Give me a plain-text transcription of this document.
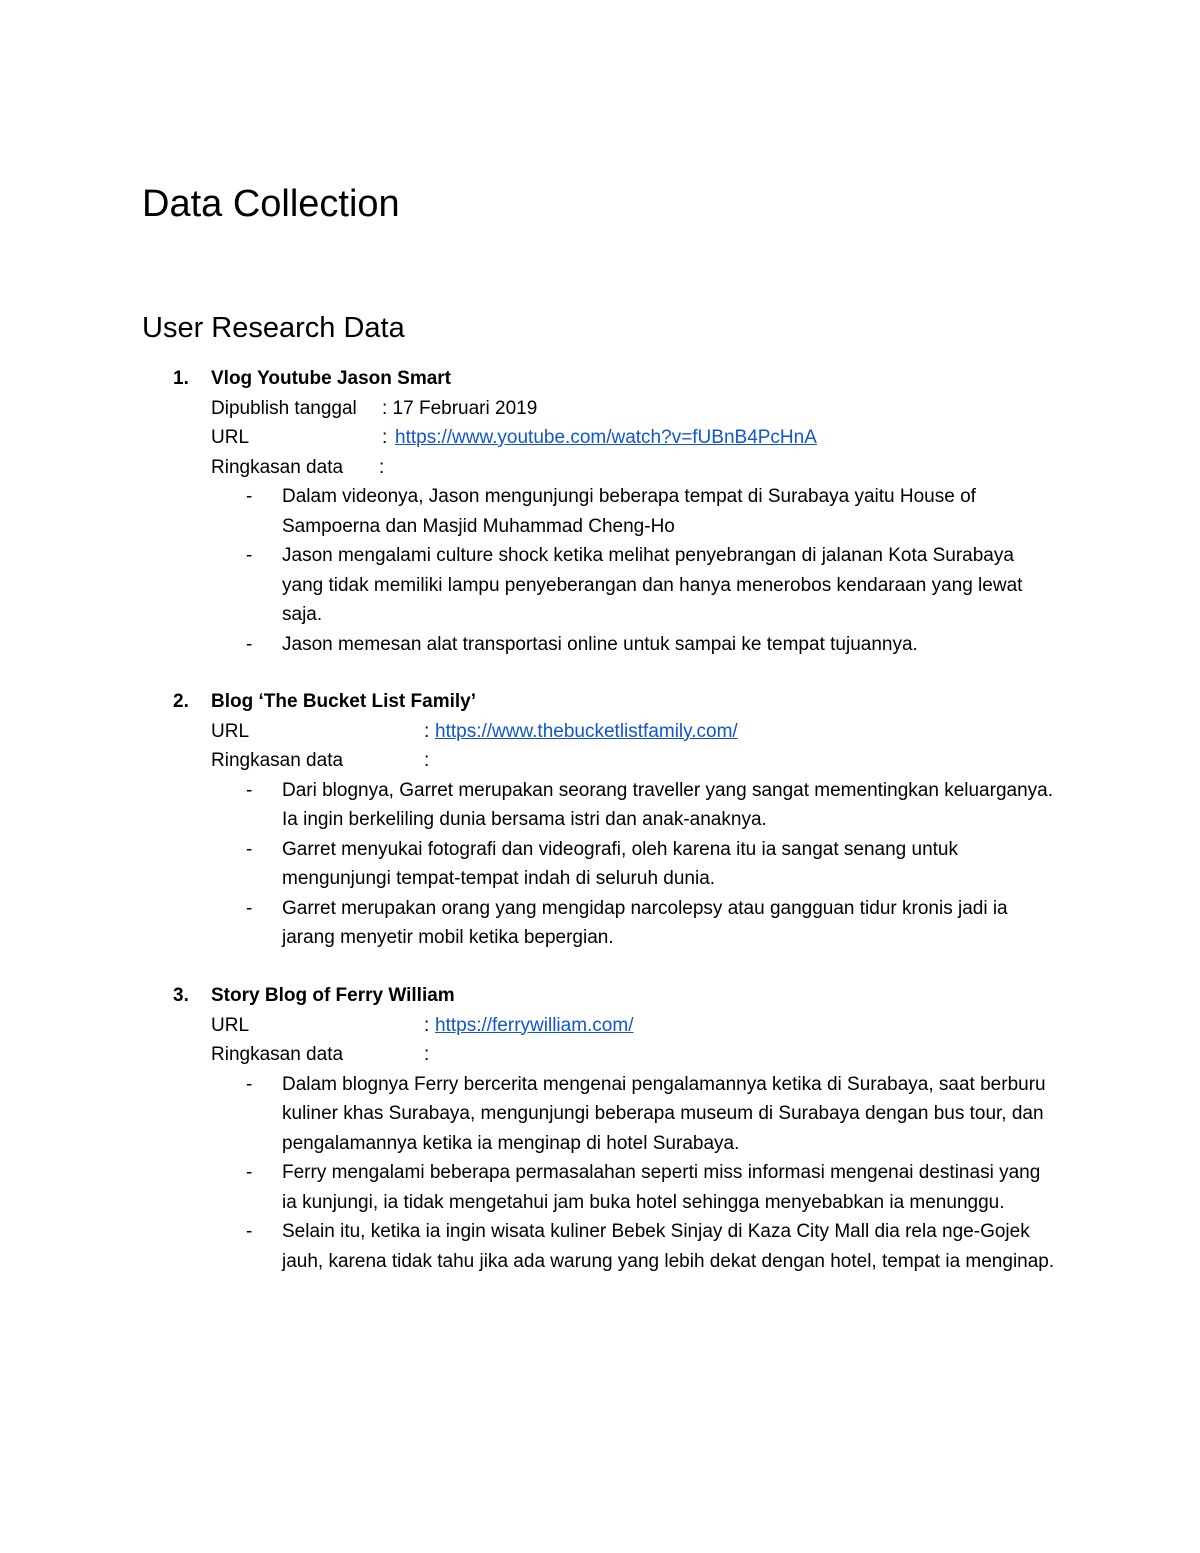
Data Collection
User Research Data
1. Vlog Youtube Jason Smart
Dipublish tanggal : 17 Februari 2019
URL	: https://www.youtube.com/watch?v=fUBnB4PcHnA
Ringkasan data :
- Dalam videonya, Jason mengunjungi beberapa tempat di Surabaya yaitu House of Sampoerna dan Masjid Muhammad Cheng-Ho
- Jason mengalami culture shock ketika melihat penyebrangan di jalanan Kota Surabaya yang tidak memiliki lampu penyeberangan dan hanya menerobos kendaraan yang lewat saja.
- Jason memesan alat transportasi online untuk sampai ke tempat tujuannya.
2. Blog ‘The Bucket List Family’
URL	: https://www.thebucketlistfamily.com/
Ringkasan data	:
- Dari blognya, Garret merupakan seorang traveller yang sangat mementingkan keluarganya. Ia ingin berkeliling dunia bersama istri dan anak-anaknya.
- Garret menyukai fotografi dan videografi, oleh karena itu ia sangat senang untuk mengunjungi tempat-tempat indah di seluruh dunia.
- Garret merupakan orang yang mengidap narcolepsy atau gangguan tidur kronis jadi ia jarang menyetir mobil ketika bepergian.
3. Story Blog of Ferry William
URL	: https://ferrywilliam.com/
Ringkasan data	:
- Dalam blognya Ferry bercerita mengenai pengalamannya ketika di Surabaya, saat berburu kuliner khas Surabaya, mengunjungi beberapa museum di Surabaya dengan bus tour, dan pengalamannya ketika ia menginap di hotel Surabaya.
- Ferry mengalami beberapa permasalahan seperti miss informasi mengenai destinasi yang ia kunjungi, ia tidak mengetahui jam buka hotel sehingga menyebabkan ia menunggu.
- Selain itu, ketika ia ingin wisata kuliner Bebek Sinjay di Kaza City Mall dia rela nge-Gojek jauh, karena tidak tahu jika ada warung yang lebih dekat dengan hotel, tempat ia menginap.
